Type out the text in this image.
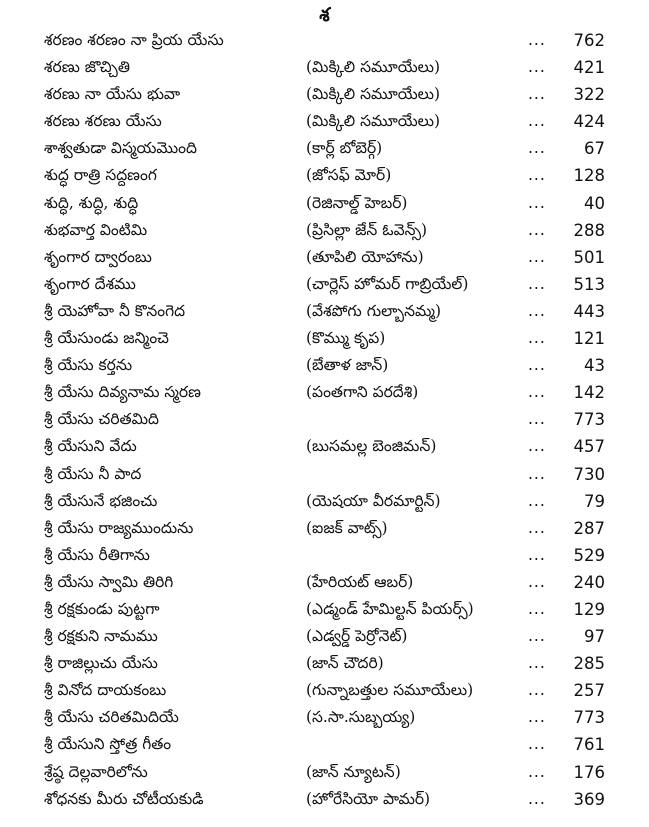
శ
శరణం శరణం నా ప్రియ యేసు	...	762
శరణు జొచ్చితి	(మిక్కిలి సమూయేలు)	...	421
శరణు నా యేసు భువా	(మిక్కిలి సమూయేలు)	...	322
శరణు శరణు యేసు	(మిక్కిలి సమూయేలు)	...	424
శాశ్వతుడా విస్మయమొంది	(కార్ల్ బోబెర్గ్)	...	67
శుద్ధ రాత్రి సద్దణంగ	(జోసఫ్ మోర్)	...	128
శుద్ధి, శుద్ధి, శుద్ధి	(రెజినాల్డ్ హెబర్)	...	40
శుభవార్త వింటిమి	(ప్రిసిల్లా జేన్ ఓవెన్స్)	...	288
శృంగార ద్వారంబు	(తూపిలి యోహాను)	...	501
శృంగార దేశము	(చార్లెస్ హోమర్ గాబ్రియేల్)	...	513
శ్రీ యెహోవా నీ కొనంగెద	(వేశపోగు గుల్బానమ్మ)	...	443
శ్రీ యేసుండు జన్మించె	(కొమ్ము కృప)	...	121
శ్రీ యేసు కర్తను	(బేతాళ జాన్)	...	43
శ్రీ యేసు దివ్యనామ స్మరణ	(పంతగాని పరదేశి)	...	142
శ్రీ యేసు చరితమిది	...	773
శ్రీ యేసుని వేదు	(బుసమల్ల బెంజిమన్)	...	457
శ్రీ యేసు నీ పాద	...	730
శ్రీ యేసునే భజించు	(యెషయా వీరమార్టిన్)	...	79
శ్రీ యేసు రాజ్యముందును	(ఐజక్ వాట్స్)	...	287
శ్రీ యేసు రీతిగాను	...	529
శ్రీ యేసు స్వామి తిరిగి	(హేరియట్ ఆబర్)	...	240
శ్రీ రక్షకుండు పుట్టగా	(ఎడ్మండ్ హేమిల్టన్ పియర్స్)	...	129
శ్రీ రక్షకుని నామము	(ఎడ్వర్డ్ పెర్రోనెట్)	...	97
శ్రీ రాజిల్లుచు యేసు	(జాన్ చౌదరి)	...	285
శ్రీ వినోద దాయకంబు	(గున్నాబత్తుల సమూయేలు)	...	257
శ్రీ యేసు చరితమిదియే	(స.సా.సుబ్బయ్య)	...	773
శ్రీ యేసుని స్తోత్ర గీతం	...	761
శ్రేష్ఠ దెల్లవారిలోను	(జాన్ న్యూటన్)	...	176
శోధనకు మీరు చోటీయకుడి	(హోరేసియో పామర్)	...	369
